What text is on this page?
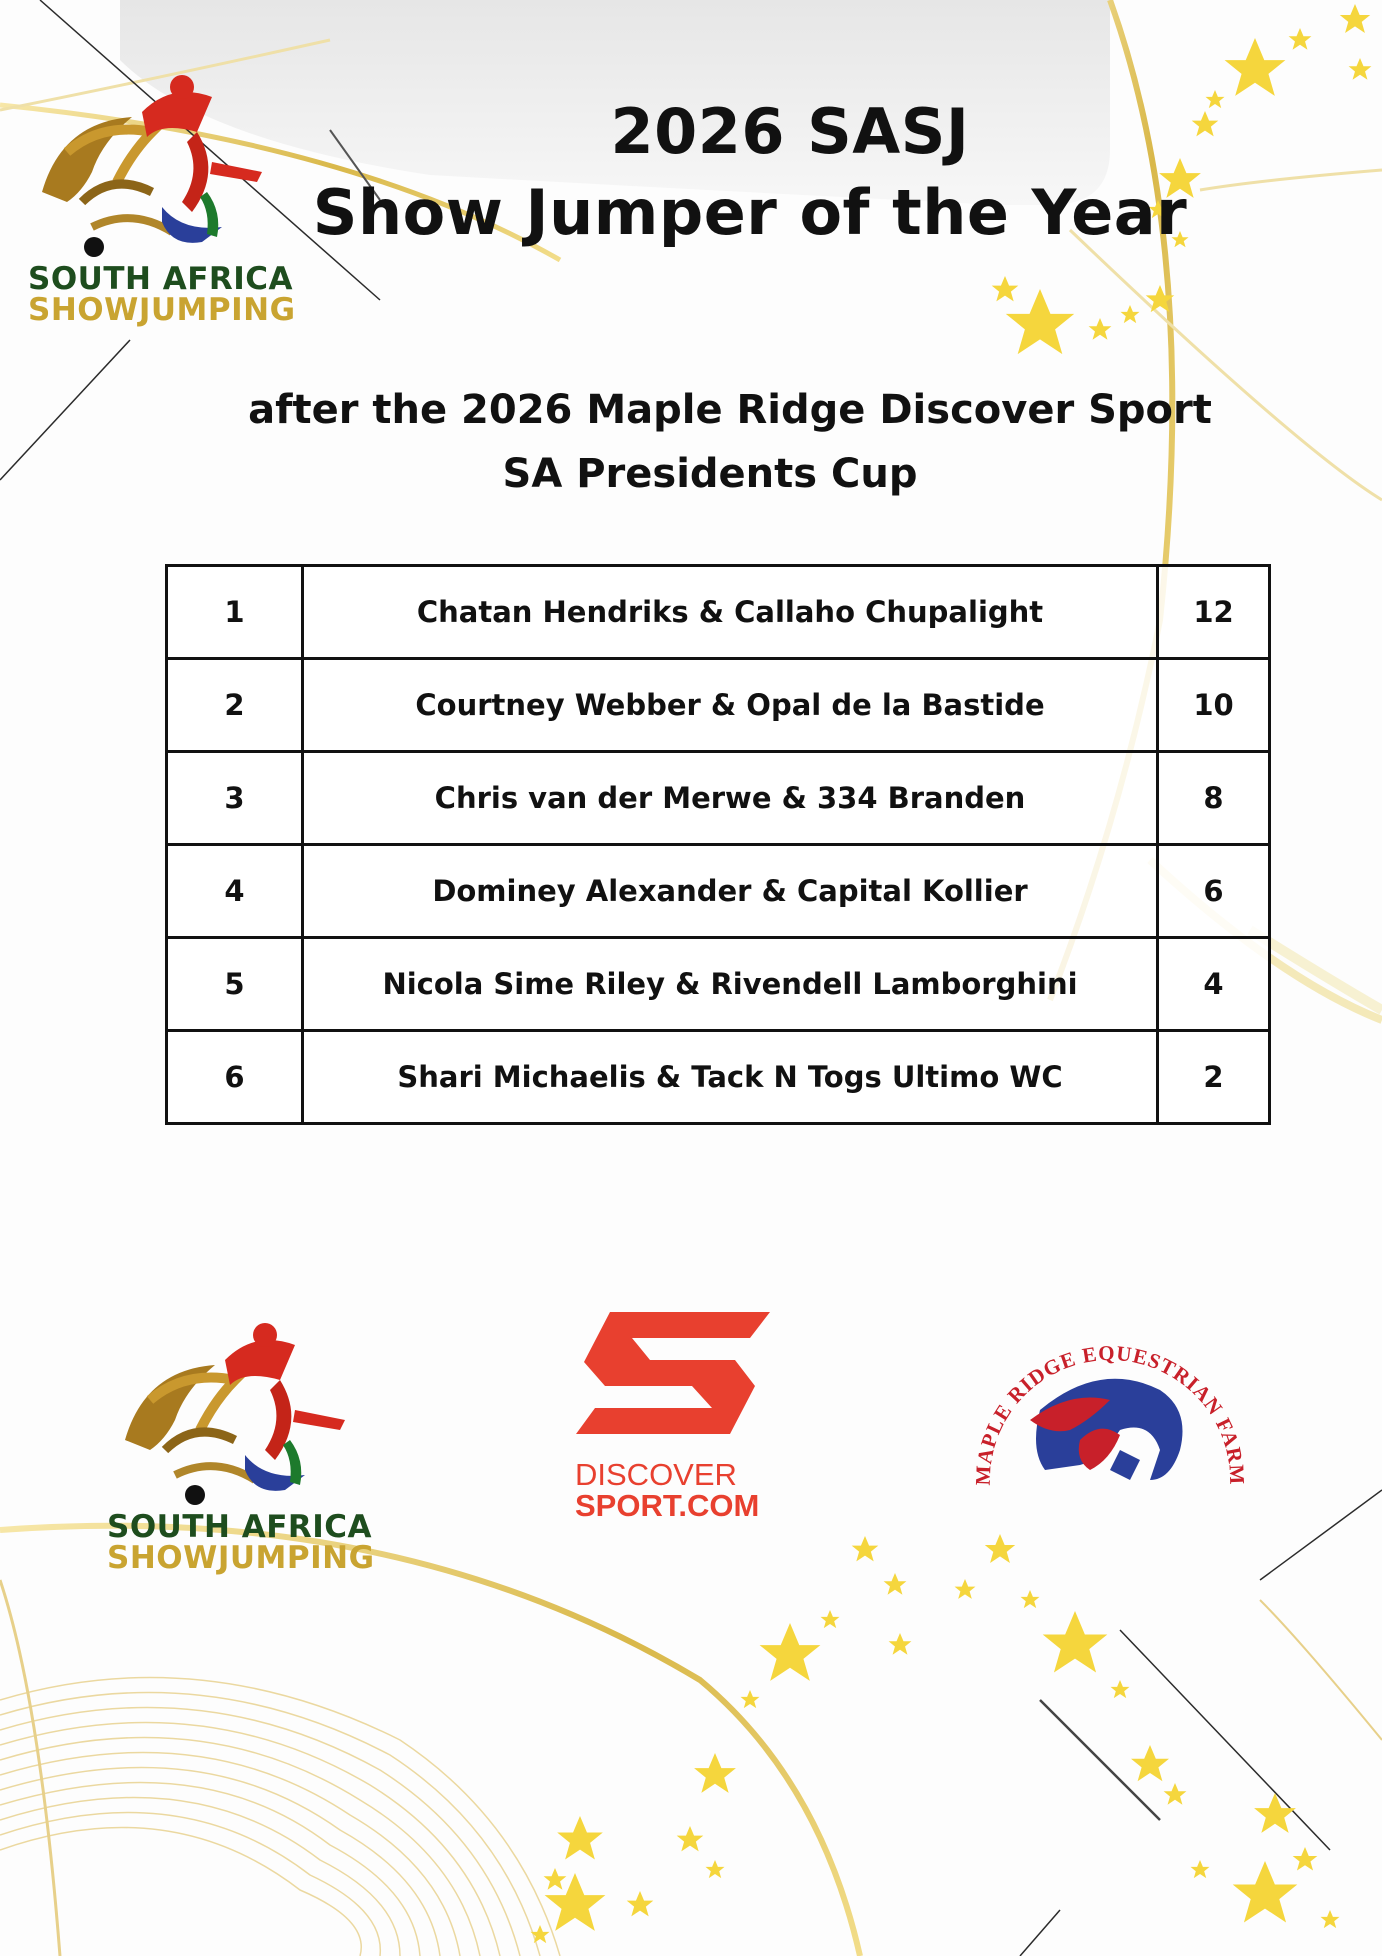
SOUTH AFRICA
SHOWJUMPING
2026 SASJ
Show Jumper of the Year
after the 2026 Maple Ridge Discover Sport
SA Presidents Cup
1	Chatan Hendriks & Callaho Chupalight	12
2	Courtney Webber & Opal de la Bastide	10
3	Chris van der Merwe & 334 Branden	8
4	Dominey Alexander & Capital Kollier	6
5	Nicola Sime Riley & Rivendell Lamborghini	4
6	Shari Michaelis & Tack N Togs Ultimo WC	2
SOUTH AFRICA
SHOWJUMPING
DISCOVER
SPORT.COM
MAPLE RIDGE EQUESTRIAN FARM
